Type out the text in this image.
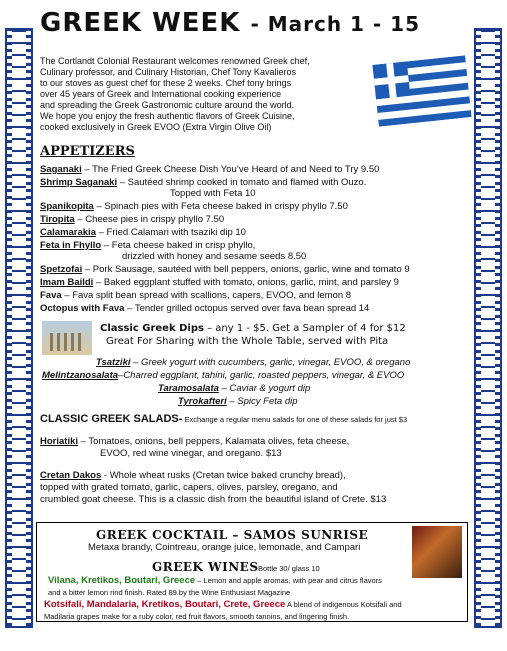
GREEK WEEK - March 1 - 15
The Cortlandt Colonial Restaurant welcomes renowned Greek chef,
Culinary professor, and Culinary Historian, Chef Tony Kavalieros
to our stoves as guest chef for these 2 weeks. Chef tony brings
over 45 years of Greek and International cooking experience
and spreading the Greek Gastronomic culture around the world.
We hope you enjoy the fresh authentic flavors of Greek Cuisine,
cooked exclusively in Greek EVOO (Extra Virgin Olive Oil)
APPETIZERS
Saganaki – The Fried Greek Cheese Dish You’ve Heard of and Need to Try 9.50
Shrimp Saganaki – Sautéed shrimp cooked in tomato and flamed with Ouzo.
Topped with Feta 10
Spanikopita – Spinach pies with Feta cheese baked in crispy phyllo 7.50
Tiropita – Cheese pies in crispy phyllo 7.50
Calamarakia – Fried Calamari with tsaziki dip 10
Feta in Fhyllo – Feta cheese baked in crisp phyllo,
drizzled with honey and sesame seeds 8.50
Spetzofai – Pork Sausage, sautéed with bell peppers, onions, garlic, wine and tomato 9
Imam Baildi – Baked eggplant stuffed with tomato, onions, garlic, mint, and parsley 9
Fava – Fava split bean spread with scallions, capers, EVOO, and lemon 8
Octopus with Fava – Tender grilled octopus served over fava bean spread 14
Classic Greek Dips – any 1 - $5. Get a Sampler of 4 for $12
Great For Sharing with the Whole Table, served with Pita
Tsatziki – Greek yogurt with cucumbers, garlic, vinegar, EVOO, & oregano
Melintzanosalata–Charred eggplant, tahini, garlic, roasted peppers, vinegar, & EVOO
Taramosalata – Caviar & yogurt dip
Tyrokafteri – Spicy Feta dip
CLASSIC GREEK SALADS- Exchange a regular menu salads for one of these salads for just $3
Horiatiki – Tomatoes, onions, bell peppers, Kalamata olives, feta cheese,
EVOO, red wine vinegar, and oregano. $13
Cretan Dakos - Whole wheat rusks (Cretan twice baked crunchy bread),
topped with grated tomato, garlic, capers, olives, parsley, oregano, and
crumbled goat cheese. This is a classic dish from the beautiful island of Crete. $13
GREEK COCKTAIL – SAMOS SUNRISE
Metaxa brandy, Cointreau, orange juice, lemonade, and Campari
GREEK WINES Bottle 30/ glass 10
Vilana, Kretikos, Boutari, Greece – Lemon and apple aromas, with pear and citrus flavors
and a bitter lemon rind finish. Rated 89 by the Wine Enthusiast Magazine
Kotsifali, Mandalaria, Kretikos, Boutari, Crete, Greece A blend of indigenous Kotsifali and
Madilaria grapes make for a ruby color, red fruit flavors, smooth tannins, and lingering finish.
